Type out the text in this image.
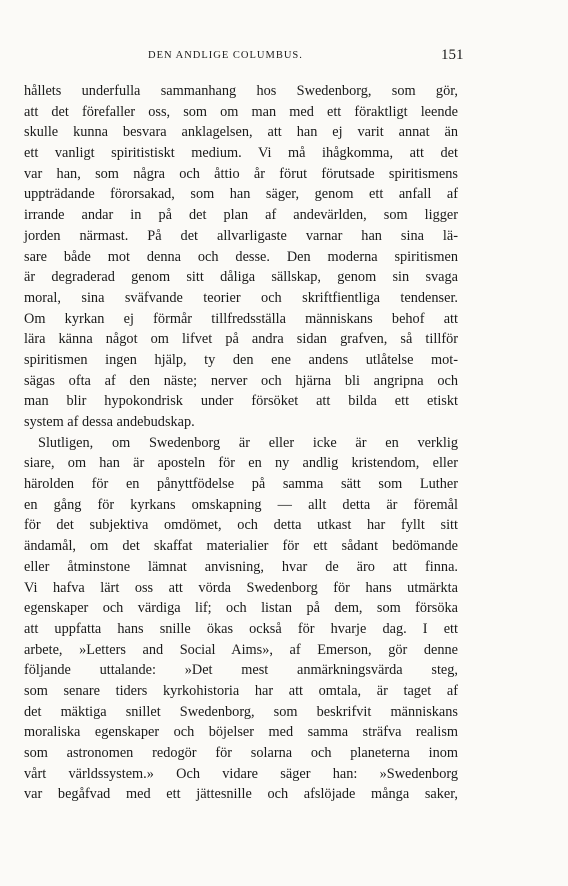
DEN ANDLIGE COLUMBUS.	151
hållets underfulla sammanhang hos Swedenborg, som gör,
att det förefaller oss, som om man med ett föraktligt leende
skulle kunna besvara anklagelsen, att han ej varit annat än
ett vanligt spiritistiskt medium. Vi må ihågkomma, att det
var han, som några och åttio år förut förutsade spiritismens
uppträdande förorsakad, som han säger, genom ett anfall af
irrande andar in på det plan af andevärlden, som ligger
jorden närmast. På det allvarligaste varnar han sina lä-
sare både mot denna och desse. Den moderna spiritismen
är degraderad genom sitt dåliga sällskap, genom sin svaga
moral, sina sväfvande teorier och skriftfientliga tendenser.
Om kyrkan ej förmår tillfredsställa människans behof att
lära känna något om lifvet på andra sidan grafven, så tillför
spiritismen ingen hjälp, ty den ene andens utlåtelse mot-
sägas ofta af den näste; nerver och hjärna bli angripna och
man blir hypokondrisk under försöket att bilda ett etiskt
system af dessa andebudskap.
Slutligen, om Swedenborg är eller icke är en verklig
siare, om han är aposteln för en ny andlig kristendom, eller
härolden för en pånyttfödelse på samma sätt som Luther
en gång för kyrkans omskapning — allt detta är föremål
för det subjektiva omdömet, och detta utkast har fyllt sitt
ändamål, om det skaffat materialier för ett sådant bedömande
eller åtminstone lämnat anvisning, hvar de äro att finna.
Vi hafva lärt oss att vörda Swedenborg för hans utmärkta
egenskaper och värdiga lif; och listan på dem, som försöka
att uppfatta hans snille ökas också för hvarje dag. I ett
arbete, »Letters and Social Aims», af Emerson, gör denne
följande uttalande: »Det mest anmärkningsvärda steg,
som senare tiders kyrkohistoria har att omtala, är taget af
det mäktiga snillet Swedenborg, som beskrifvit människans
moraliska egenskaper och böjelser med samma sträfva realism
som astronomen redogör för solarna och planeterna inom
vårt världssystem.» Och vidare säger han: »Swedenborg
var begåfvad med ett jättesnille och afslöjade många saker,
